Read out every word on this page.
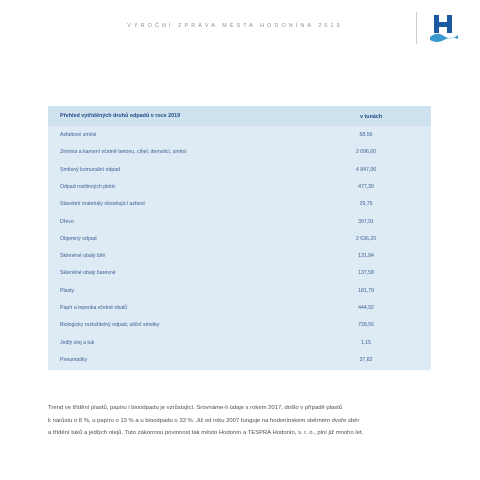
VÝROČNÍ ZPRÁVA MĚSTA HODONÍNA 2019
Přehled vytříděných druhů odpadů v roce 2019	v tunách
Asfaltové směsi	68,56
Zemina a kamení včetně betonu, cihel, demolicí, směsí	2 096,00
Směsný komunální odpad	4 847,06
Odpad rostlinných pletiv	477,30
Stavební materiály obsahující azbest	29,75
Dřevo	397,91
Objemný odpad	2 636,20
Skleněné obaly bílé	131,84
Skleněné obaly barevné	137,58
Plasty	181,79
Papír a lepenka včetně obalů	444,92
Biologicky rozložitelný odpad, uliční smetky	728,56
Jedlý olej a tuk	1,15
Pneumatiky	37,82

Trend ve třídění plastů, papíru i bioodpadu je vzrůstající. Srovnáme-li údaje s rokem 2017, došlo v případě plastů

k nárůstu o 8 %, u papíru o 13 % a u bioodpadu o 33 %. Již od roku 2007 funguje na hodonínském sběrném dvoře sběr

a třídění tuků a jedlých olejů. Tuto zákonnou povinnost tak město Hodonín a TESPRA Hodonín, s. r. o., plní již mnoho let.
